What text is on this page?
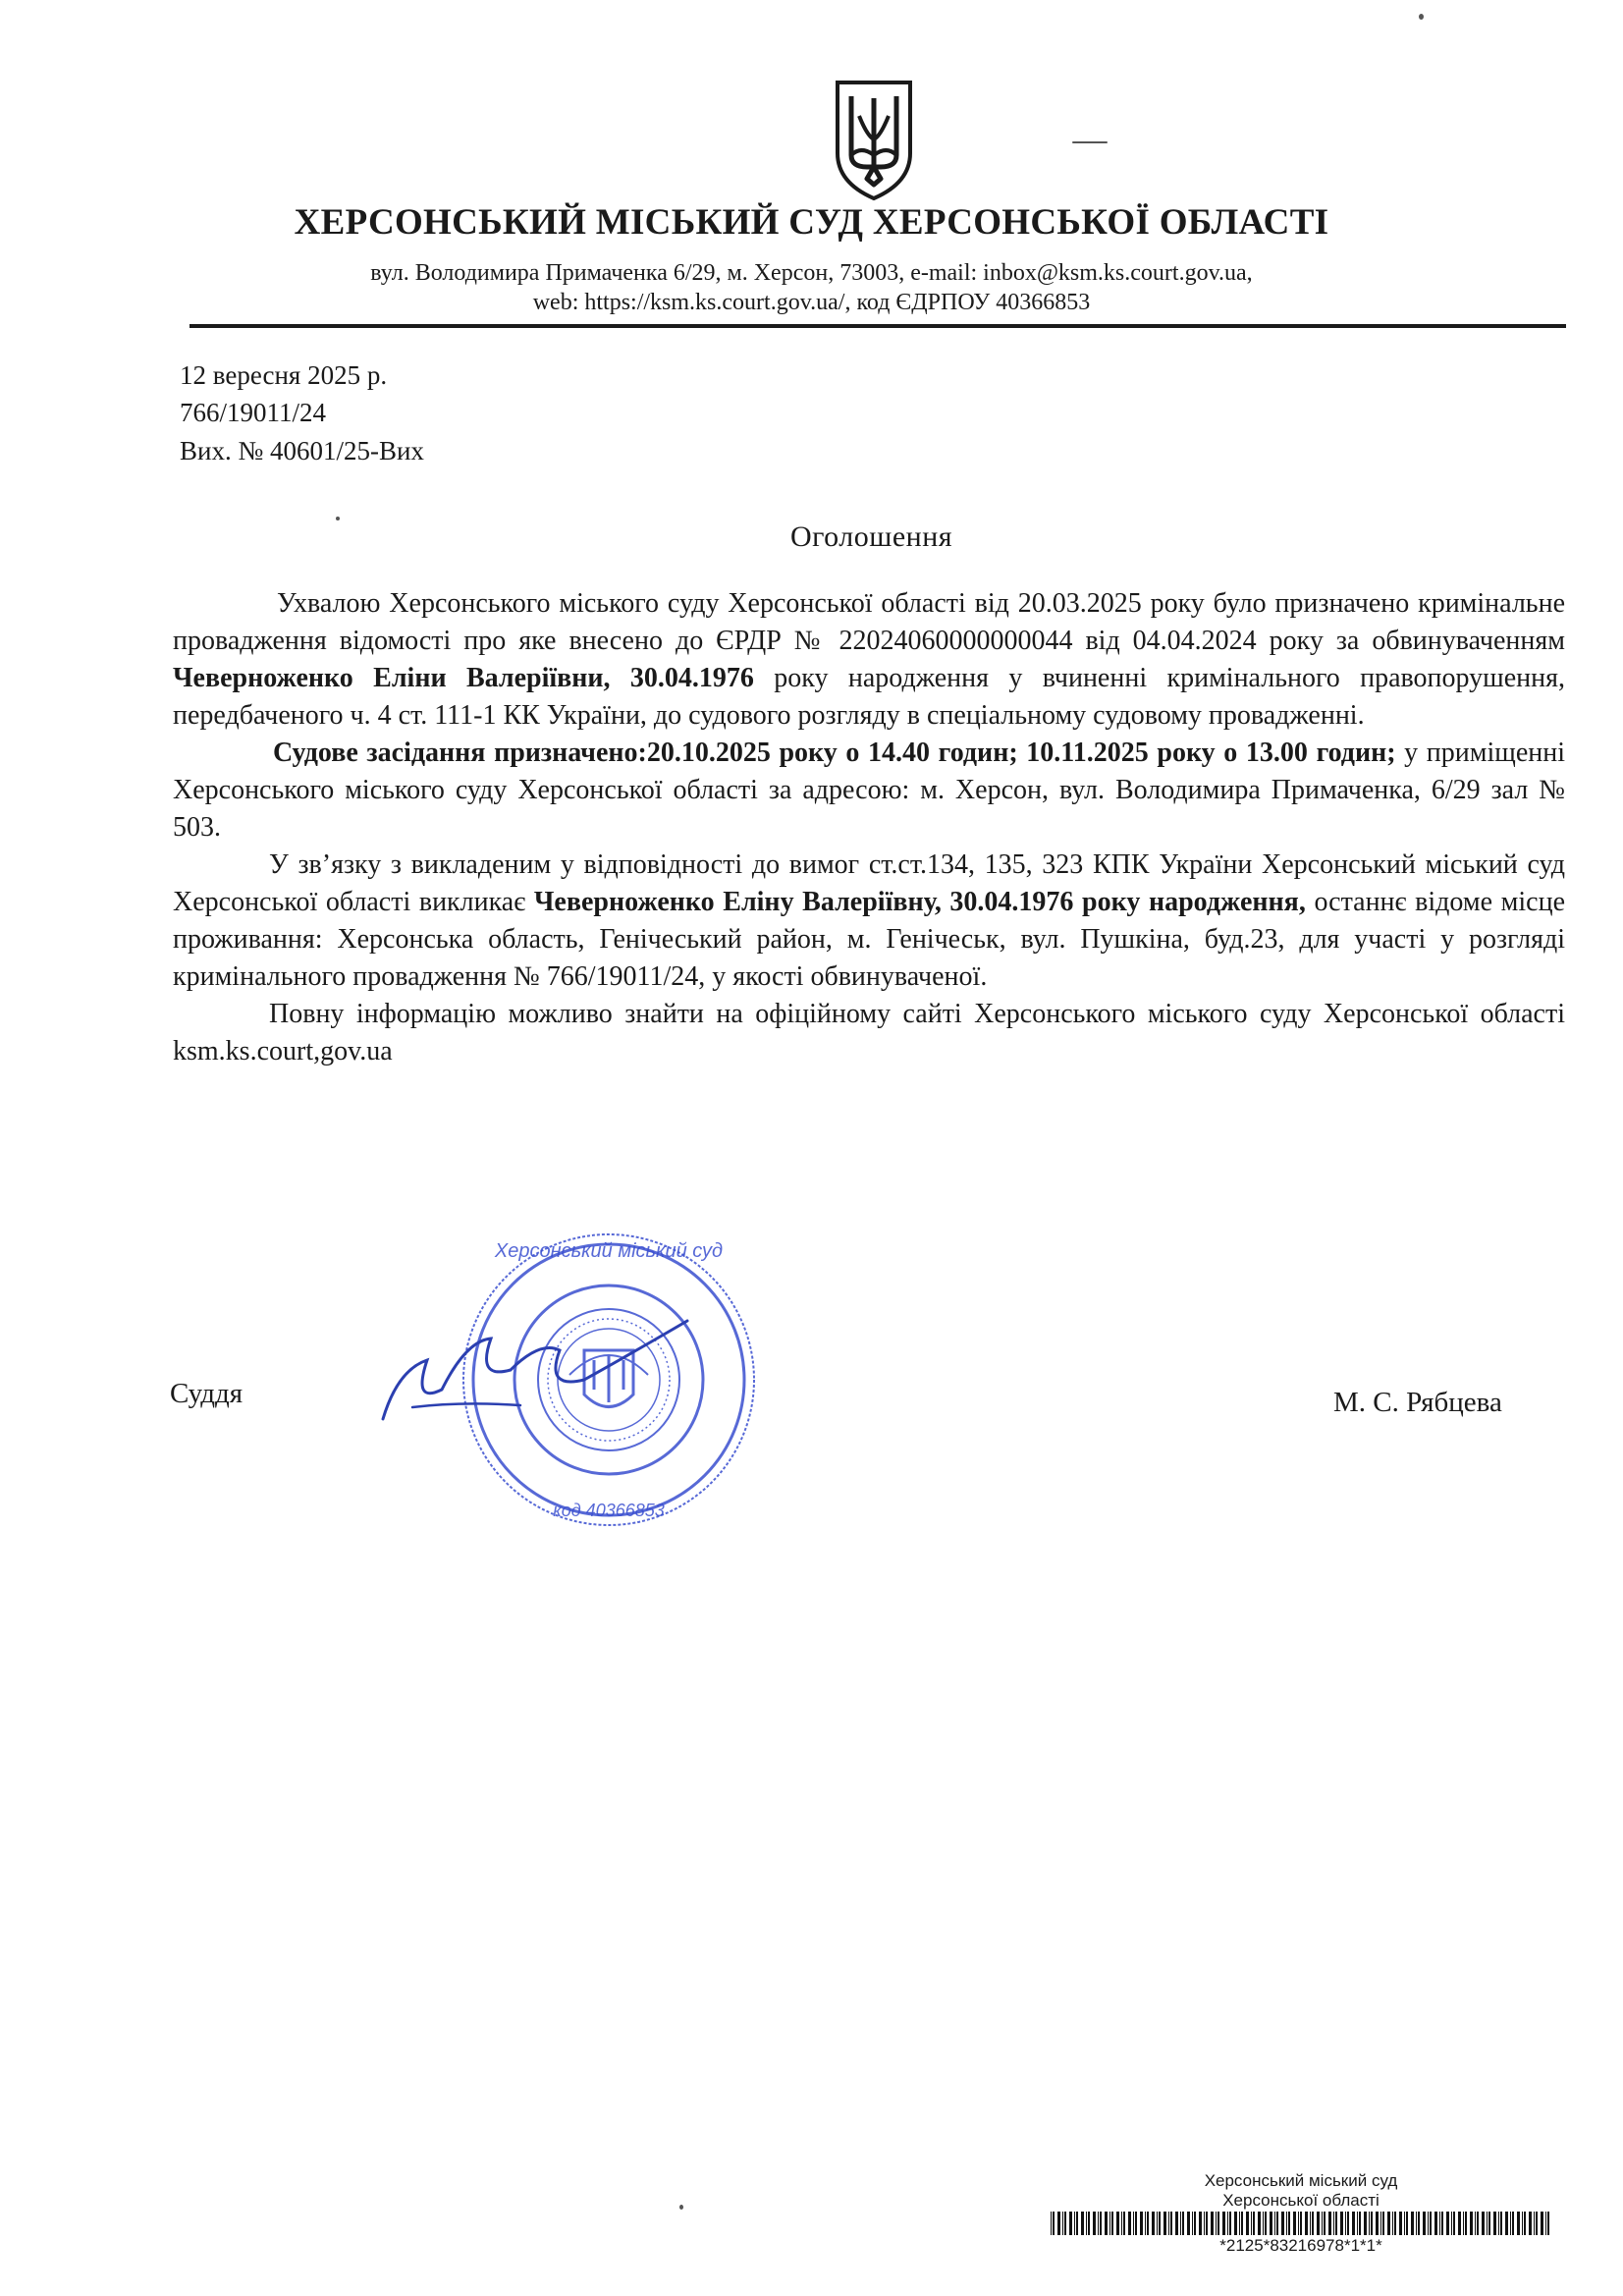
ХЕРСОНСЬКИЙ МІСЬКИЙ СУД ХЕРСОНСЬКОЇ ОБЛАСТІ
вул. Володимира Примаченка 6/29, м. Херсон, 73003, e-mail: inbox@ksm.ks.court.gov.ua,
web: https://ksm.ks.court.gov.ua/, код ЄДРПОУ 40366853
12 вересня 2025 р.
766/19011/24
Вих. № 40601/25-Вих
Оголошення

Ухвалою Херсонського міського суду Херсонської області від 20.03.2025 року було призначено кримінальне провадження відомості про яке внесено до ЄРДР № 22024060000000044 від 04.04.2024 року за обвинуваченням Чеверноженко Еліни Валеріївни, 30.04.1976 року народження у вчиненні кримінального правопорушення, передбаченого ч. 4 ст. 111-1 КК України, до судового розгляду в спеціальному судовому провадженні.

Судове засідання призначено:20.10.2025 року о 14.40 годин; 10.11.2025 року о 13.00 годин; у приміщенні Херсонського міського суду Херсонської області за адресою: м. Херсон, вул. Володимира Примаченка, 6/29 зал № 503.

У зв’язку з викладеним у відповідності до вимог ст.ст.134, 135, 323 КПК України Херсонський міський суд Херсонської області викликає Чеверноженко Еліну Валеріївну, 30.04.1976 року народження, останнє відоме місце проживання: Херсонська область, Генічеський район, м. Генічеськ, вул. Пушкіна, буд.23, для участі у розгляді кримінального провадження № 766/19011/24, у якості обвинуваченої.

Повну інформацію можливо знайти на офіційному сайті Херсонського міського суду Херсонської області ksm.ks.court,gov.ua

Суддя	М. С. Рябцева
Херсонський міський суд
код 40366853
Херсонський міський суд
Херсонської області
*2125*83216978*1*1*
